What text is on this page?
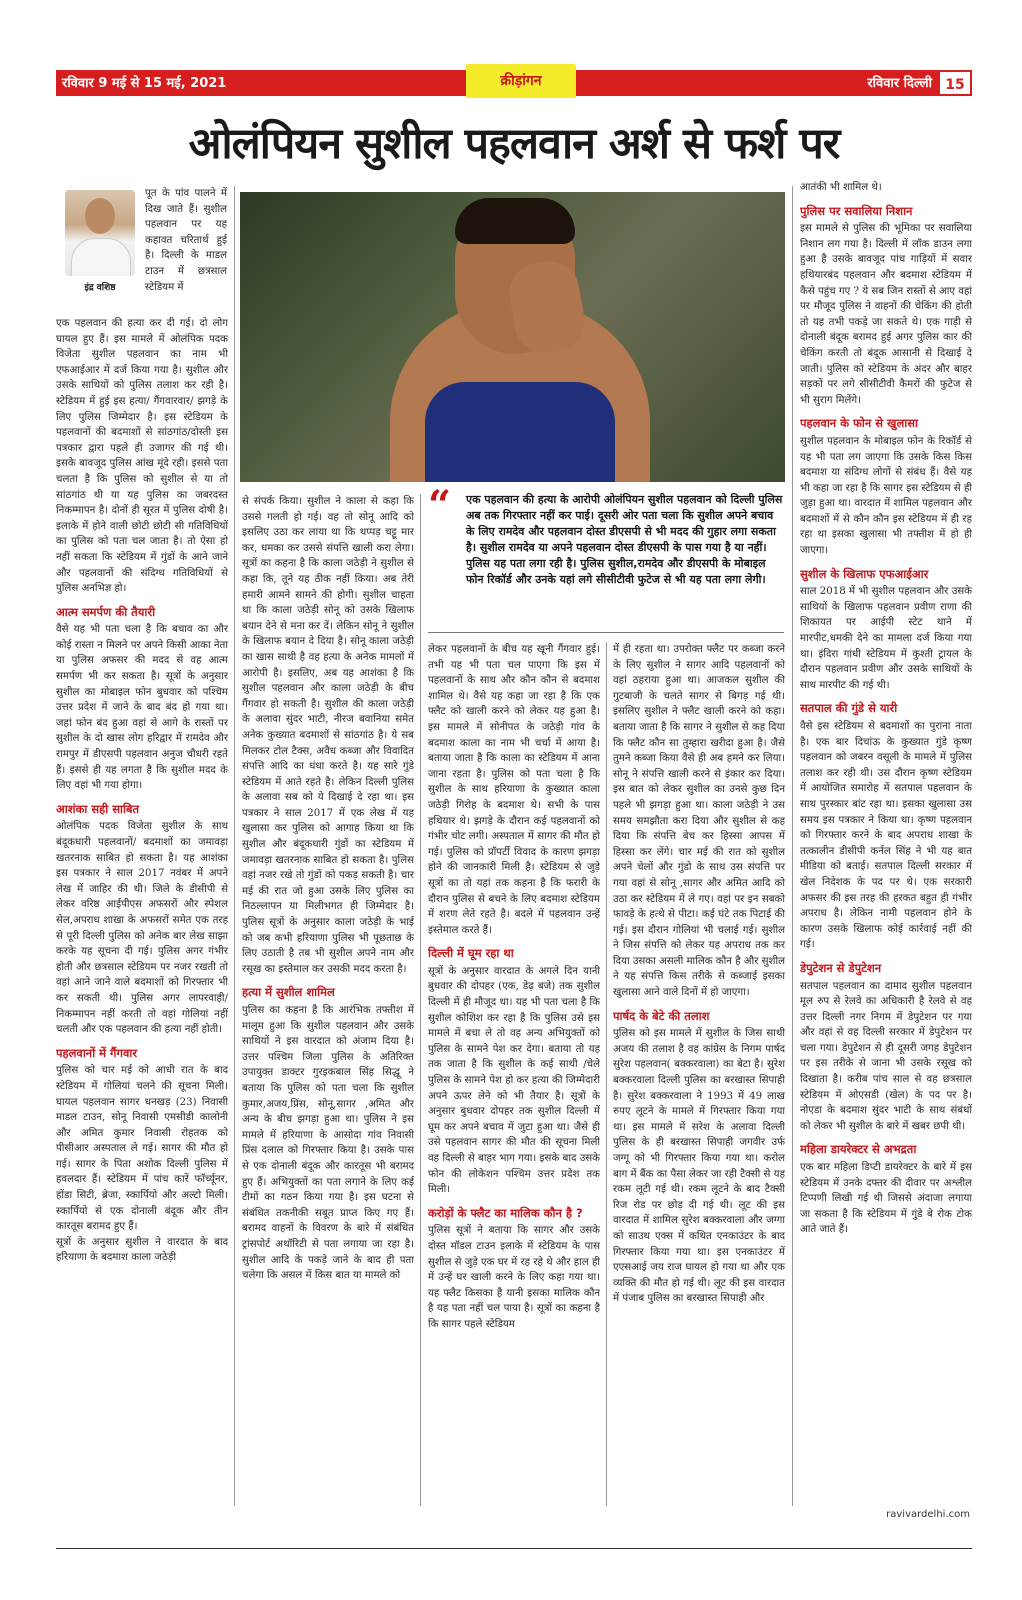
रविवार 9 मई से 15 मई, 2021	रविवार दिल्ली 15
क्रीड़ांगन
ओलंपियन सुशील पहलवान अर्श से फर्श पर
इंद्र वशिष्ठ

पूत के पांव पालने में दिख जाते हैं। सुशील पहलवान पर यह कहावत चरितार्थ हुई है। दिल्ली के माडल टाउन में छत्रसाल स्टेडियम में

एक पहलवान की हत्या कर दी गई। दो लोग घायल हुए हैं। इस मामले में ओलंपिक पदक विजेता सुशील पहलवान का नाम भी एफआईआर में दर्ज किया गया है। सुशील और उसके साथियों को पुलिस तलाश कर रही है। स्टेडियम में हुई इस हत्या/ गैंगवारवार/ झगड़े के लिए पुलिस जिम्मेदार है। इस स्टेडियम के पहलवानों की बदमाशों से सांठगांठ/दोस्ती इस पत्रकार द्वारा पहले ही उजागर की गई थी। इसके बावजूद पुलिस आंख मूंदे रही। इससे पता चलता है कि पुलिस को सुशील से या तो सांठगांठ थी या यह पुलिस का जबरदस्त निकम्मापन है। दोनों ही सूरत में पुलिस दोषी है। इलाके में होने वाली छोटी छोटी सी गतिविधियों का पुलिस को पता चल जाता है। तो ऐसा हो नहीं सकता कि स्टेडियम में गुंडों के आने जाने और पहलवानों की संदिग्ध गतिविधियों से पुलिस अनभिज्ञ हो।

आत्म समर्पण की तैयारी

वैसे यह भी पता चला है कि बचाव का और कोई रास्ता न मिलने पर अपने किसी आका नेता या पुलिस अफसर की मदद से वह आत्म समर्पण भी कर सकता है। सूत्रों के अनुसार सुशील का मोबाइल फोन बुधवार को पश्चिम उत्तर प्रदेश में जाने के बाद बंद हो गया था। जहां फोन बंद हुआ वहां से आगे के रास्तों पर सुशील के दो खास लोग हरिद्वार में रामदेव और रामपुर में डीएसपी पहलवान अनुज चौधरी रहते हैं। इससे ही यह लगता है कि सुशील मदद के लिए वहां भी गया होगा।

आशंका सही साबित

ओलंपिक पदक विजेता सुशील के साथ बंदूकधारी पहलवानों/ बदमाशों का जमावड़ा खतरनाक साबित हो सकता है। यह आशंका इस पत्रकार ने साल 2017 नवंबर में अपने लेख में जाहिर की थी। जिले के डीसीपी से लेकर वरिष्ठ आईपीएस अफसरों और स्पेशल सेल,अपराध शाखा के अफसरों समेत एक तरह से पूरी दिल्ली पुलिस को अनेक बार लेख साझा करके यह सूचना दी गई। पुलिस अगर गंभीर होती और छत्रसाल स्टेडियम पर नजर रखती तो वहां आने जाने वाले बदमाशों को गिरफ्तार भी कर सकती थी। पुलिस अगर लापरवाही/निकम्मापन नहीं करती तो वहां गोलियां नहीं चलती और एक पहलवान की हत्या नहीं होती।

पहलवानों में गैंगवार

पुलिस को चार मई को आधी रात के बाद स्टेडियम में गोलियां चलने की सूचना मिली। घायल पहलवान सागर धनखड़ (23) निवासी माडल टाउन, सोनू निवासी एमसीडी कालोनी और अमित कुमार निवासी रोहतक को पीसीआर अस्पताल ले गई। सागर की मौत हो गई। सागर के पिता अशोक दिल्ली पुलिस में हवलदार हैं। स्टेडियम में पांच कारें फॉर्च्यूनर, होंडा सिटी, ब्रेजा, स्कार्पियो और अल्टो मिली। स्कार्पियो से एक दोनाली बंदूक और तीन कारतूस बरामद हुए हैं।

सूत्रों के अनुसार सुशील ने वारदात के बाद हरियाणा के बदमाश काला जठेड़ी

से संपर्क किया। सुशील ने काला से कहा कि उससे गलती हो गई। वह तो सोनू आदि को इसलिए उठा कर लाया था कि थप्पड़ चट्टू मार कर, धमका कर उससे संपत्ति खाली करा लेगा। सूत्रों का कहना है कि काला जठेड़ी ने सुशील से कहा कि, तूने यह ठीक नहीं किया। अब तेरी हमारी आमने सामने की होगी। सुशील चाहता था कि काला जठेड़ी सोनू को उसके खिलाफ बयान देने से मना कर दें। लेकिन सोनू ने सुशील के खिलाफ बयान दे दिया है। सोनू काला जठेड़ी का खास साथी है वह हत्या के अनेक मामलों में आरोपी है। इसलिए, अब यह आशंका है कि सुशील पहलवान और काला जठेड़ी के बीच गैंगवार हो सकती है। सुशील की काला जठेड़ी के अलावा सुंदर भाटी, नीरज बवानिया समेत अनेक कुख्यात बदमाशों से सांठगांठ है। ये सब मिलकर टोल टैक्स, अवैध कब्जा और विवादित संपत्ति आदि का धंधा करते है। यह सारे गुंडे स्टेडियम में आते रहते है। लेकिन दिल्ली पुलिस के अलावा सब को ये दिखाई दे रहा था। इस पत्रकार ने साल 2017 में एक लेख में यह खुलासा कर पुलिस को आगाह किया था कि सुशील और बंदूकधारी गुंडों का स्टेडियम में जमावड़ा खतरनाक साबित हो सकता है। पुलिस वहां नजर रखे तो गुंडों को पकड़ सकती है। चार मई की रात जो हुआ उसके लिए पुलिस का निठल्लापन या मिलीभगत ही जिम्मेदार है। पुलिस सूत्रों के अनुसार काला जठेड़ी के भाई को जब कभी हरियाणा पुलिस भी पूछताछ के लिए उठाती है तब भी सुशील अपने नाम और रसूख का इस्तेमाल कर उसकी मदद करता है।

हत्या में सुशील शामिल

पुलिस का कहना है कि आरंभिक तफ्तीश में मालूम हुआ कि सुशील पहलवान और उसके साथियों ने इस वारदात को अंजाम दिया है। उत्तर पश्चिम जिला पुलिस के अतिरिक्त उपायुक्त डाक्टर गुरइकबाल सिंह सिद्धू ने बताया कि पुलिस को पता चला कि सुशील कुमार,अजय,प्रिंस, सोनू,सागर ,अमित और अन्य के बीच झगड़ा हुआ था। पुलिस ने इस मामले में हरियाणा के आसोदा गांव निवासी प्रिंस दलाल को गिरफ्तार किया है। उसके पास से एक दोनाली बंदूक और कारतूस भी बरामद हुए हैं। अभियुक्तों का पता लगाने के लिए कई टीमों का गठन किया गया है। इस घटना से संबंधित तकनीकी सबूत प्राप्त किए गए हैं। बरामद वाहनों के विवरण के बारे में संबंधित ट्रांसपोर्ट अथॉरिटी से पता लगाया जा रहा है। सुशील आदि के पकड़े जाने के बाद ही पता चलेगा कि असल में किस बात या मामले को

“	एक पहलवान की हत्या के आरोपी ओलंपियन सुशील पहलवान को दिल्ली पुलिस अब तक गिरफ्तार नहीं कर पाई। दूसरी ओर पता चला कि सुशील अपने बचाव के लिए रामदेव और पहलवान दोस्त डीएसपी से भी मदद की गुहार लगा सकता है। सुशील रामदेव या अपने पहलवान दोस्त डीएसपी के पास गया है या नहीं। पुलिस यह पता लगा रही है। पुलिस सुशील,रामदेव और डीएसपी के मोबाइल फोन रिकॉर्ड और उनके यहां लगे सीसीटीवी फुटेज से भी यह पता लगा लेगी।

लेकर पहलवानों के बीच यह खूनी गैंगवार हुई। तभी यह भी पता चल पाएगा कि इस में पहलवानों के साथ और कौन कौन से बदमाश शामिल थे। वैसे यह कहा जा रहा है कि एक फ्लैट को खाली करने को लेकर यह हुआ है। इस मामले में सोनीपत के जठेड़ी गांव के बदमाश काला का नाम भी चर्चा में आया है। बताया जाता है कि काला का स्टेडियम में आना जाना रहता है। पुलिस को पता चला है कि सुशील के साथ हरियाणा के कुख्यात काला जठेड़ी गिरोह के बदमाश थे। सभी के पास हथियार थे। झगड़े के दौरान कई पहलवानों को गंभीर चोट लगी। अस्पताल में सागर की मौत हो गई। पुलिस को प्रॉपर्टी विवाद के कारण झगड़ा होने की जानकारी मिली है। स्टेडियम से जुड़े सूत्रों का तो यहां तक कहना है कि फरारी के दौरान पुलिस से बचने के लिए बदमाश स्टेडियम में शरण लेते रहते है। बदले में पहलवान उन्हें इस्तेमाल करते हैं।

दिल्ली में घूम रहा था

सूत्रों के अनुसार वारदात के अगले दिन यानी बुधवार की दोपहर (एक, डेढ़ बजे) तक सुशील दिल्ली में ही मौजूद था। यह भी पता चला है कि सुशील कोशिश कर रहा है कि पुलिस उसे इस मामले में बचा ले तो वह अन्य अभियुक्तों को पुलिस के सामने पेश कर देगा। बताया तो यह तक जाता है कि सुशील के कई साथी /चेले पुलिस के सामने पेश हो कर हत्या की जिम्मेदारी अपने ऊपर लेने को भी तैयार है। सूत्रों के अनुसार बुधवार दोपहर तक सुशील दिल्ली में घूम कर अपने बचाव में जुटा हुआ था। जैसे ही उसे पहलवान सागर की मौत की सूचना मिली वह दिल्ली से बाहर भाग गया। इसके बाद उसके फोन की लोकेशन पश्चिम उत्तर प्रदेश तक मिली।

करोड़ों के फ्लैट का मालिक कौन है ?

पुलिस सूत्रों ने बताया कि सागर और उसके दोस्त मॉडल टाउन इलाके में स्टेडियम के पास सुशील से जुड़े एक घर में रह रहे थे और हाल ही में उन्हें घर खाली करने के लिए कहा गया था। यह फ्लैट किसका है यानी इसका मालिक कौन है यह पता नहीं चल पाया है। सूत्रों का कहना है कि सागर पहले स्टेडियम

में ही रहता था। उपरोक्त फ्लैट पर कब्जा करने के लिए सुशील ने सागर आदि पहलवानों को वहां ठहराया हुआ था। आजकल सुशील की गुटबाजी के चलते सागर से बिगड़ गई थी। इसलिए सुशील ने फ्लैट खाली करने को कहा। बताया जाता है कि सागर ने सुशील से कह दिया कि फ्लैट कौन सा तुम्हारा खरीदा हुआ है। जैसे तुमने कब्जा किया वैसे ही अब हमने कर लिया। सोनू ने संपत्ति खाली करने से इंकार कर दिया। इस बात को लेकर सुशील का उनसे कुछ दिन पहले भी झगड़ा हुआ था। काला जठेड़ी ने उस समय समझौता करा दिया और सुशील से कह दिया कि संपत्ति बेच कर हिस्सा आपस में हिस्सा कर लेंगे। चार मई की रात को सुशील अपने चेलों और गुंडो के साथ उस संपत्ति पर गया वहां से सोनू ,सागर और अमित आदि को उठा कर स्टेडियम में ले गए। वहां पर इन सबको फावड़े के हत्थे से पीटा। कई घंटे तक पिटाई की गई। इस दौरान गोलियां भी चलाई गई। सुशील ने जिस संपत्ति को लेकर यह अपराध तक कर दिया उसका असली मालिक कौन है और सुशील ने यह संपत्ति किस तरीके से कब्जाई इसका खुलासा आने वाले दिनों में हो जाएगा।

पार्षद के बेटे की तलाश

पुलिस को इस मामले में सुशील के जिस साथी अजय की तलाश है वह कांग्रेस के निगम पार्षद सुरेश पहलवान( बक्करवाला) का बेटा है। सुरेश बक्करवाला दिल्ली पुलिस का बरखास्त सिपाही है। सुरेश बक्करवाला ने 1993 में 49 लाख रुपए लूटने के मामले में गिरफ्तार किया गया था। इस मामले में सरेश के अलावा दिल्ली पुलिस के ही बरखास्त सिपाही जगवीर उर्फ जग्गू को भी गिरफ्तार किया गया था। करोल बाग में बैंक का पैसा लेकर जा रही टैक्सी से यह रकम लूटी गई थी। रकम लूटने के बाद टैक्सी रिज रोड पर छोड़ दी गई थी। लूट की इस वारदात में शामिल सुरेश बक्करवाला और जग्गा को साउथ एक्स में कथित एनकाउंटर के बाद गिरफ्तार किया गया था। इस एनकाउंटर में एएसआई जय राज घायल हो गया था और एक व्यक्ति की मौत हो गई थी। लूट की इस वारदात में पंजाब पुलिस का बरखास्त सिपाही और

आतंकी भी शामिल थे।

पुलिस पर सवालिया निशान

इस मामले से पुलिस की भूमिका पर सवालिया निशान लग गया है। दिल्ली में लॉक डाउन लगा हुआ है उसके बावजूद पांच गाड़ियों में सवार हथियारबंद पहलवान और बदमाश स्टेडियम में कैसे पहुंच गए ? ये सब जिन रास्तों से आए वहां पर मौजूद पुलिस ने वाहनों की चेकिंग की होती तो यह तभी पकड़े जा सकते थे। एक गाड़ी से दोनाली बंदूक बरामद हुई अगर पुलिस कार की चेकिंग करती तो बंदूक आसानी से दिखाई दे जाती। पुलिस को स्टेडियम के अंदर और बाहर सड़कों पर लगे सीसीटीवी कैमरों की फुटेज से भी सुराग मिलेंगे।

पहलवान के फोन से खुलासा

सुशील पहलवान के मोबाइल फोन के रिकॉर्ड से यह भी पता लग जाएगा कि उसके किस किस बदमाश या संदिग्ध लोगों से संबंध हैं। वैसे यह भी कहा जा रहा है कि सागर इस स्टेडियम से ही जुड़ा हुआ था। वारदात में शामिल पहलवान और बदमाशों में से कौन कौन इस स्टेडियम में ही रह रहा था इसका खुलासा भी तफ्तीश में हो ही जाएगा।

सुशील के खिलाफ एफआईआर

साल 2018 में भी सुशील पहलवान और उसके साथियों के खिलाफ पहलवान प्रवीण राणा की शिकायत पर आईपी स्टेट थाने में मारपीट,धमकी देने का मामला दर्ज किया गया था। इंदिरा गांधी स्टेडियम में कुश्ती ट्रायल के दौरान पहलवान प्रवीण और उसके साथियों के साथ मारपीट की गई थी।

सतपाल की गुंडे से यारी

वैसे इस स्टेडियम से बदमाशों का पुराना नाता है। एक बार दिचांऊ के कुख्यात गुंडे कृष्ण पहलवान को जबरन वसूली के मामले में पुलिस तलाश कर रही थी। उस दौरान कृष्ण स्टेडियम में आयोजित समारोह में सतपाल पहलवान के साथ पुरस्कार बांट रहा था। इसका खुलासा उस समय इस पत्रकार ने किया था। कृष्ण पहलवान को गिरफ्तार करने के बाद अपराध शाखा के तत्कालीन डीसीपी कर्नल सिंह ने भी यह बात मीडिया को बताई। सतपाल दिल्ली सरकार में खेल निदेशक के पद पर थे। एक सरकारी अफसर की इस तरह की हरकत बहुत ही गंभीर अपराध है। लेकिन नामी पहलवान होने के कारण उसके खिलाफ कोई कार्रवाई नहीं की गई।

डेपुटेशन से डेपुटेशन

सतपाल पहलवान का दामाद सुशील पहलवान मूल रुप से रेलवे का अधिकारी है रेलवे से वह उत्तर दिल्ली नगर निगम में डेपुटेशन पर गया और वहां से वह दिल्ली सरकार में डेपुटेशन पर चला गया। डेपुटेशन से ही दूसरी जगह डेपुटेशन पर इस तरीके से जाना भी उसके रसूख को दिखाता है। करीब पांच साल से वह छत्रसाल स्टेडियम में ओएसडी (खेल) के पद पर है। नोएडा के बदमाश सुंदर भाटी के साथ संबंधों को लेकर भी सुशील के बारे में खबर छपी थी।

महिला डायरेक्टर से अभद्रता

एक बार महिला डिप्टी डायरेक्टर के बारे में इस स्टेडियम में उनके दफ्तर की दीवार पर अश्लील टिप्पणी लिखी गई थी जिससे अंदाजा लगाया जा सकता है कि स्टेडियम में गुंडे बे रोक टोक आते जाते हैं।

ravivardelhi.com
